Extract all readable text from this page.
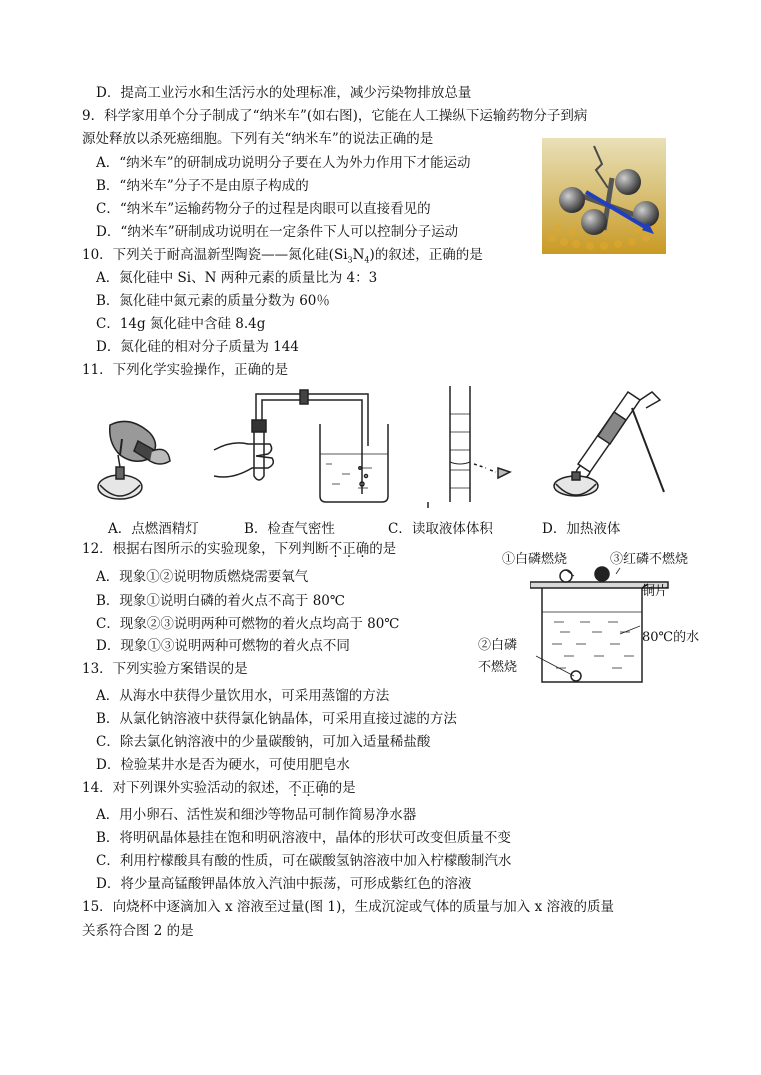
D．提高工业污水和生活污水的处理标准，减少污染物排放总量
9．科学家用单个分子制成了“纳米车”(如右图)，它能在人工操纵下运输药物分子到病
源处释放以杀死癌细胞。下列有关“纳米车”的说法正确的是
A．“纳米车”的研制成功说明分子要在人为外力作用下才能运动
B．“纳米车”分子不是由原子构成的
C．“纳米车”运输药物分子的过程是肉眼可以直接看见的
D．“纳米车”研制成功说明在一定条件下人可以控制分子运动
10．下列关于耐高温新型陶瓷——氮化硅$(Si_3N_4)$的叙述，正确的是
A．氮化硅中 Si、N 两种元素的质量比为 4：3
B．氮化硅中氮元素的质量分数为 60％
C．14g 氮化硅中含硅 8.4g
D．氮化硅的相对分子质量为 144
11．下列化学实验操作，正确的是
A．点燃酒精灯	B．检查气密性	C．读取液体体积	D．加热液体
12．根据右图所示的实验现象，下列判断不正确的是
A．现象①②说明物质燃烧需要氧气
B．现象①说明白磷的着火点不高于 80℃
C．现象②③说明两种可燃物的着火点均高于 80℃
D．现象①③说明两种可燃物的着火点不同
①白磷燃烧	③红磷不燃烧
铜片
80℃的水
②白磷
不燃烧
13．下列实验方案错误的是
A．从海水中获得少量饮用水，可采用蒸馏的方法
B．从氯化钠溶液中获得氯化钠晶体，可采用直接过滤的方法
C．除去氯化钠溶液中的少量碳酸钠，可加入适量稀盐酸
D．检验某井水是否为硬水，可使用肥皂水
14．对下列课外实验活动的叙述，不正确的是
A．用小卵石、活性炭和细沙等物品可制作简易净水器
B．将明矾晶体悬挂在饱和明矾溶液中，晶体的形状可改变但质量不变
C．利用柠檬酸具有酸的性质，可在碳酸氢钠溶液中加入柠檬酸制汽水
D．将少量高锰酸钾晶体放入汽油中振荡，可形成紫红色的溶液
15．向烧杯中逐滴加入 x 溶液至过量(图 1)，生成沉淀或气体的质量与加入 x 溶液的质量
关系符合图 2 的是
